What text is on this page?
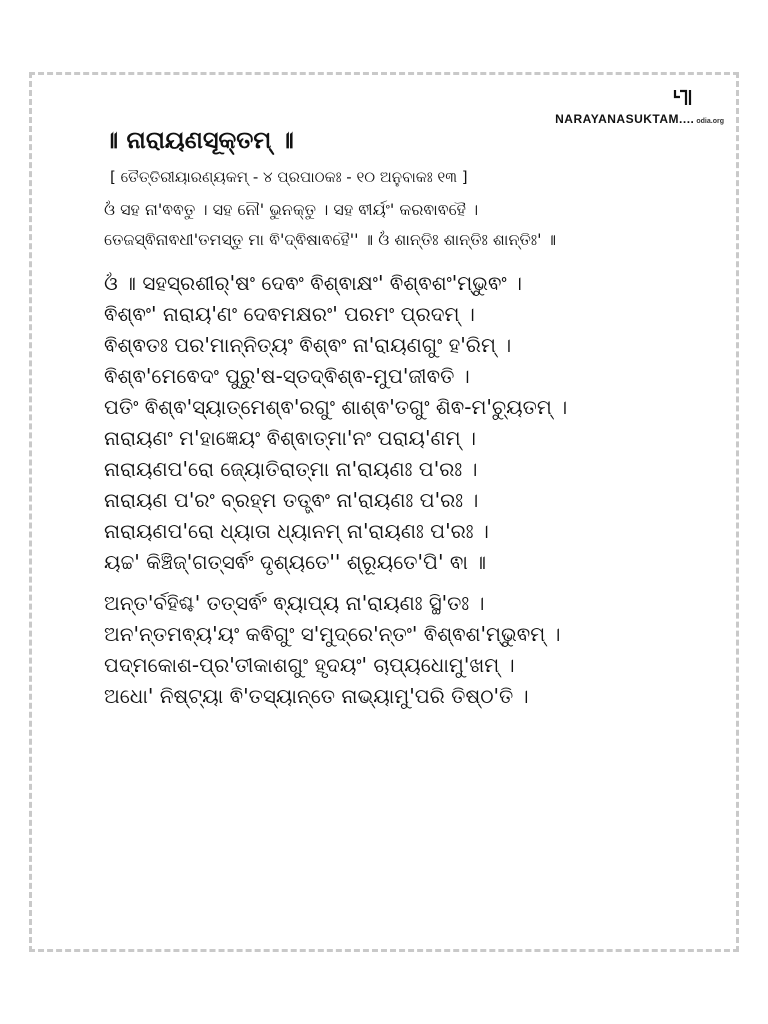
NARAYANASUKTAM.... odia.org
॥ ନାରାୟଣସୂକ୍ତମ୍ ॥
[ ତୈତ୍ତିରୀୟାରଣ୍ୟକମ୍ - ୪ ପ୍ରପାଠକଃ - ୧୦ ଅନୁବାକଃ ୧୩ ]
ଓଁ ସହ ନା'ଵଵତୁ । ସହ ନୌ' ଭୁନକ୍ତୁ । ସହ ଵୀର୍ୟଂ' କରଵାଵହୈ ।
ତେଜସ୍ଵିନାଵଧୀ'ତମସ୍ତୁ ମା ଵି'ଦ୍ଵିଷାଵହୈ'' ॥ ଓଁ ଶାନ୍ତିଃ ଶାନ୍ତିଃ ଶାନ୍ତିଃ' ॥
ଓଁ ॥ ସହସ୍ରଶୀର୍'ଷଂ ଦେଵଂ ଵିଶ୍ଵାକ୍ଷଂ' ଵିଶ୍ଵଶଂ'ମ୍ଭୁଵଂ ।
ଵିଶ୍ଵଂ' ନାରାୟ'ଣଂ ଦେଵମକ୍ଷରଂ' ପରମଂ ପ୍ରଦମ୍ ।
ଵିଶ୍ଵତଃ ପର'ମାନ୍ନିତ୍ୟଂ ଵିଶ୍ଵଂ ନା'ରାୟଣଗୁଂ ହ'ରିମ୍ ।
ଵିଶ୍ଵ'ମେଵେଦଂ ପୁରୁ'ଷ-ସ୍ତଦ୍ଵିଶ୍ଵ-ମୁପ'ଜୀଵତି ।
ପତିଂ ଵିଶ୍ଵ'ସ୍ୟାତ୍ମେଶ୍ଵ'ରଗୁଂ ଶାଶ୍ଵ'ତଗୁଂ ଶିଵ-ମ'ଚ୍ୟୁତମ୍ ।
ନାରାୟଣଂ ମ'ହାଜ୍ଞେୟଂ ଵିଶ୍ଵାତ୍ମା'ନଂ ପରାୟ'ଣମ୍ ।
ନାରାୟଣପ'ରୋ ଜ୍ୟୋତିରାତ୍ମା ନା'ରାୟଣଃ ପ'ରଃ ।
ନାରାୟଣ ପ'ରଂ ବ୍ରହ୍ମ ତତ୍ତ୍ଵଂ ନା'ରାୟଣଃ ପ'ରଃ ।
ନାରାୟଣପ'ରୋ ଧ୍ୟାତା ଧ୍ୟାନମ୍ ନା'ରାୟଣଃ ପ'ରଃ ।
ୟଚ୍ଚ' କିଞ୍ଚିଜ୍'ଗତ୍ସର୍ଵଂ ଦୃଶ୍ୟତେ'' ଶ୍ରୂୟତେ'ପି' ଵା ॥
ଅନ୍ତ'ର୍ବହିଶ୍ଚ' ତତ୍ସର୍ଵଂ ଵ୍ୟାପ୍ୟ ନା'ରାୟଣଃ ସ୍ଥି'ତଃ ।
ଅନ'ନ୍ତମଵ୍ୟ'ୟଂ କଵିଗୁଂ ସ'ମୁଦ୍ରେ'ନ୍ତଂ' ଵିଶ୍ଵଶ'ମ୍ଭୁଵମ୍ ।
ପଦ୍ମକୋଶ-ପ୍ର'ତୀକାଶଗୁଂ ହୃଦୟଂ' ଚାପ୍ୟଧୋମୁ'ଖମ୍ ।
ଅଧୋ' ନିଷ୍ଟ୍ୟା ଵି'ତସ୍ୟାନ୍ତେ ନାଭ୍ୟାମୁ'ପରି ତିଷ୍ଠ'ତି ।
